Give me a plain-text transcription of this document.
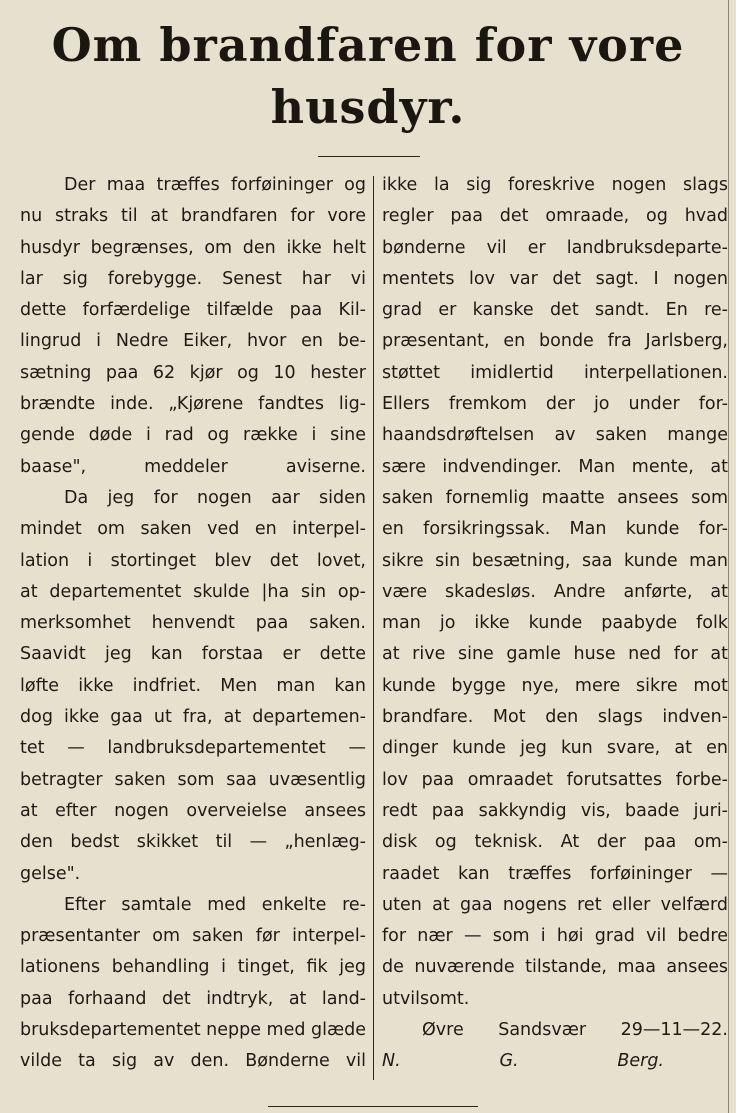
Om brandfaren for vore
husdyr.

Der maa træffes forføininger og
nu straks til at brandfaren for vore
husdyr begrænses, om den ikke helt
lar sig forebygge. Senest har vi
dette forfærdelige tilfælde paa Kil-
lingrud i Nedre Eiker, hvor en be-
sætning paa 62 kjør og 10 hester
brændte inde. „Kjørene fandtes lig-
gende døde i rad og række i sine
baase", meddeler aviserne.
Da jeg for nogen aar siden
mindet om saken ved en interpel-
lation i stortinget blev det lovet,
at departementet skulde |ha sin op-
merksomhet henvendt paa saken.
Saavidt jeg kan forstaa er dette
løfte ikke indfriet. Men man kan
dog ikke gaa ut fra, at departemen-
tet — landbruksdepartementet —
betragter saken som saa uvæsentlig
at efter nogen overveielse ansees
den bedst skikket til — „henlæg-
gelse".
Efter samtale med enkelte re-
præsentanter om saken før interpel-
lationens behandling i tinget, fik jeg
paa forhaand det indtryk, at land-
bruksdepartementet neppe med glæde
vilde ta sig av den. Bønderne vil

ikke la sig foreskrive nogen slags
regler paa det omraade, og hvad
bønderne vil er landbruksdeparte-
mentets lov var det sagt. I nogen
grad er kanske det sandt. En re-
præsentant, en bonde fra Jarlsberg,
støttet imidlertid interpellationen.
Ellers fremkom der jo under for-
haandsdrøftelsen av saken mange
sære indvendinger. Man mente, at
saken fornemlig maatte ansees som
en forsikringssak. Man kunde for-
sikre sin besætning, saa kunde man
være skadesløs. Andre anførte, at
man jo ikke kunde paabyde folk
at rive sine gamle huse ned for at
kunde bygge nye, mere sikre mot
brandfare. Mot den slags indven-
dinger kunde jeg kun svare, at en
lov paa omraadet forutsattes forbe-
redt paa sakkyndig vis, baade juri-
disk og teknisk. At der paa om-
raadet kan træffes forføininger —
uten at gaa nogens ret eller velfærd
for nær — som i høi grad vil bedre
de nuværende tilstande, maa ansees
utvilsomt.

Øvre Sandsvær 29—11—22.
N. G. Berg.
